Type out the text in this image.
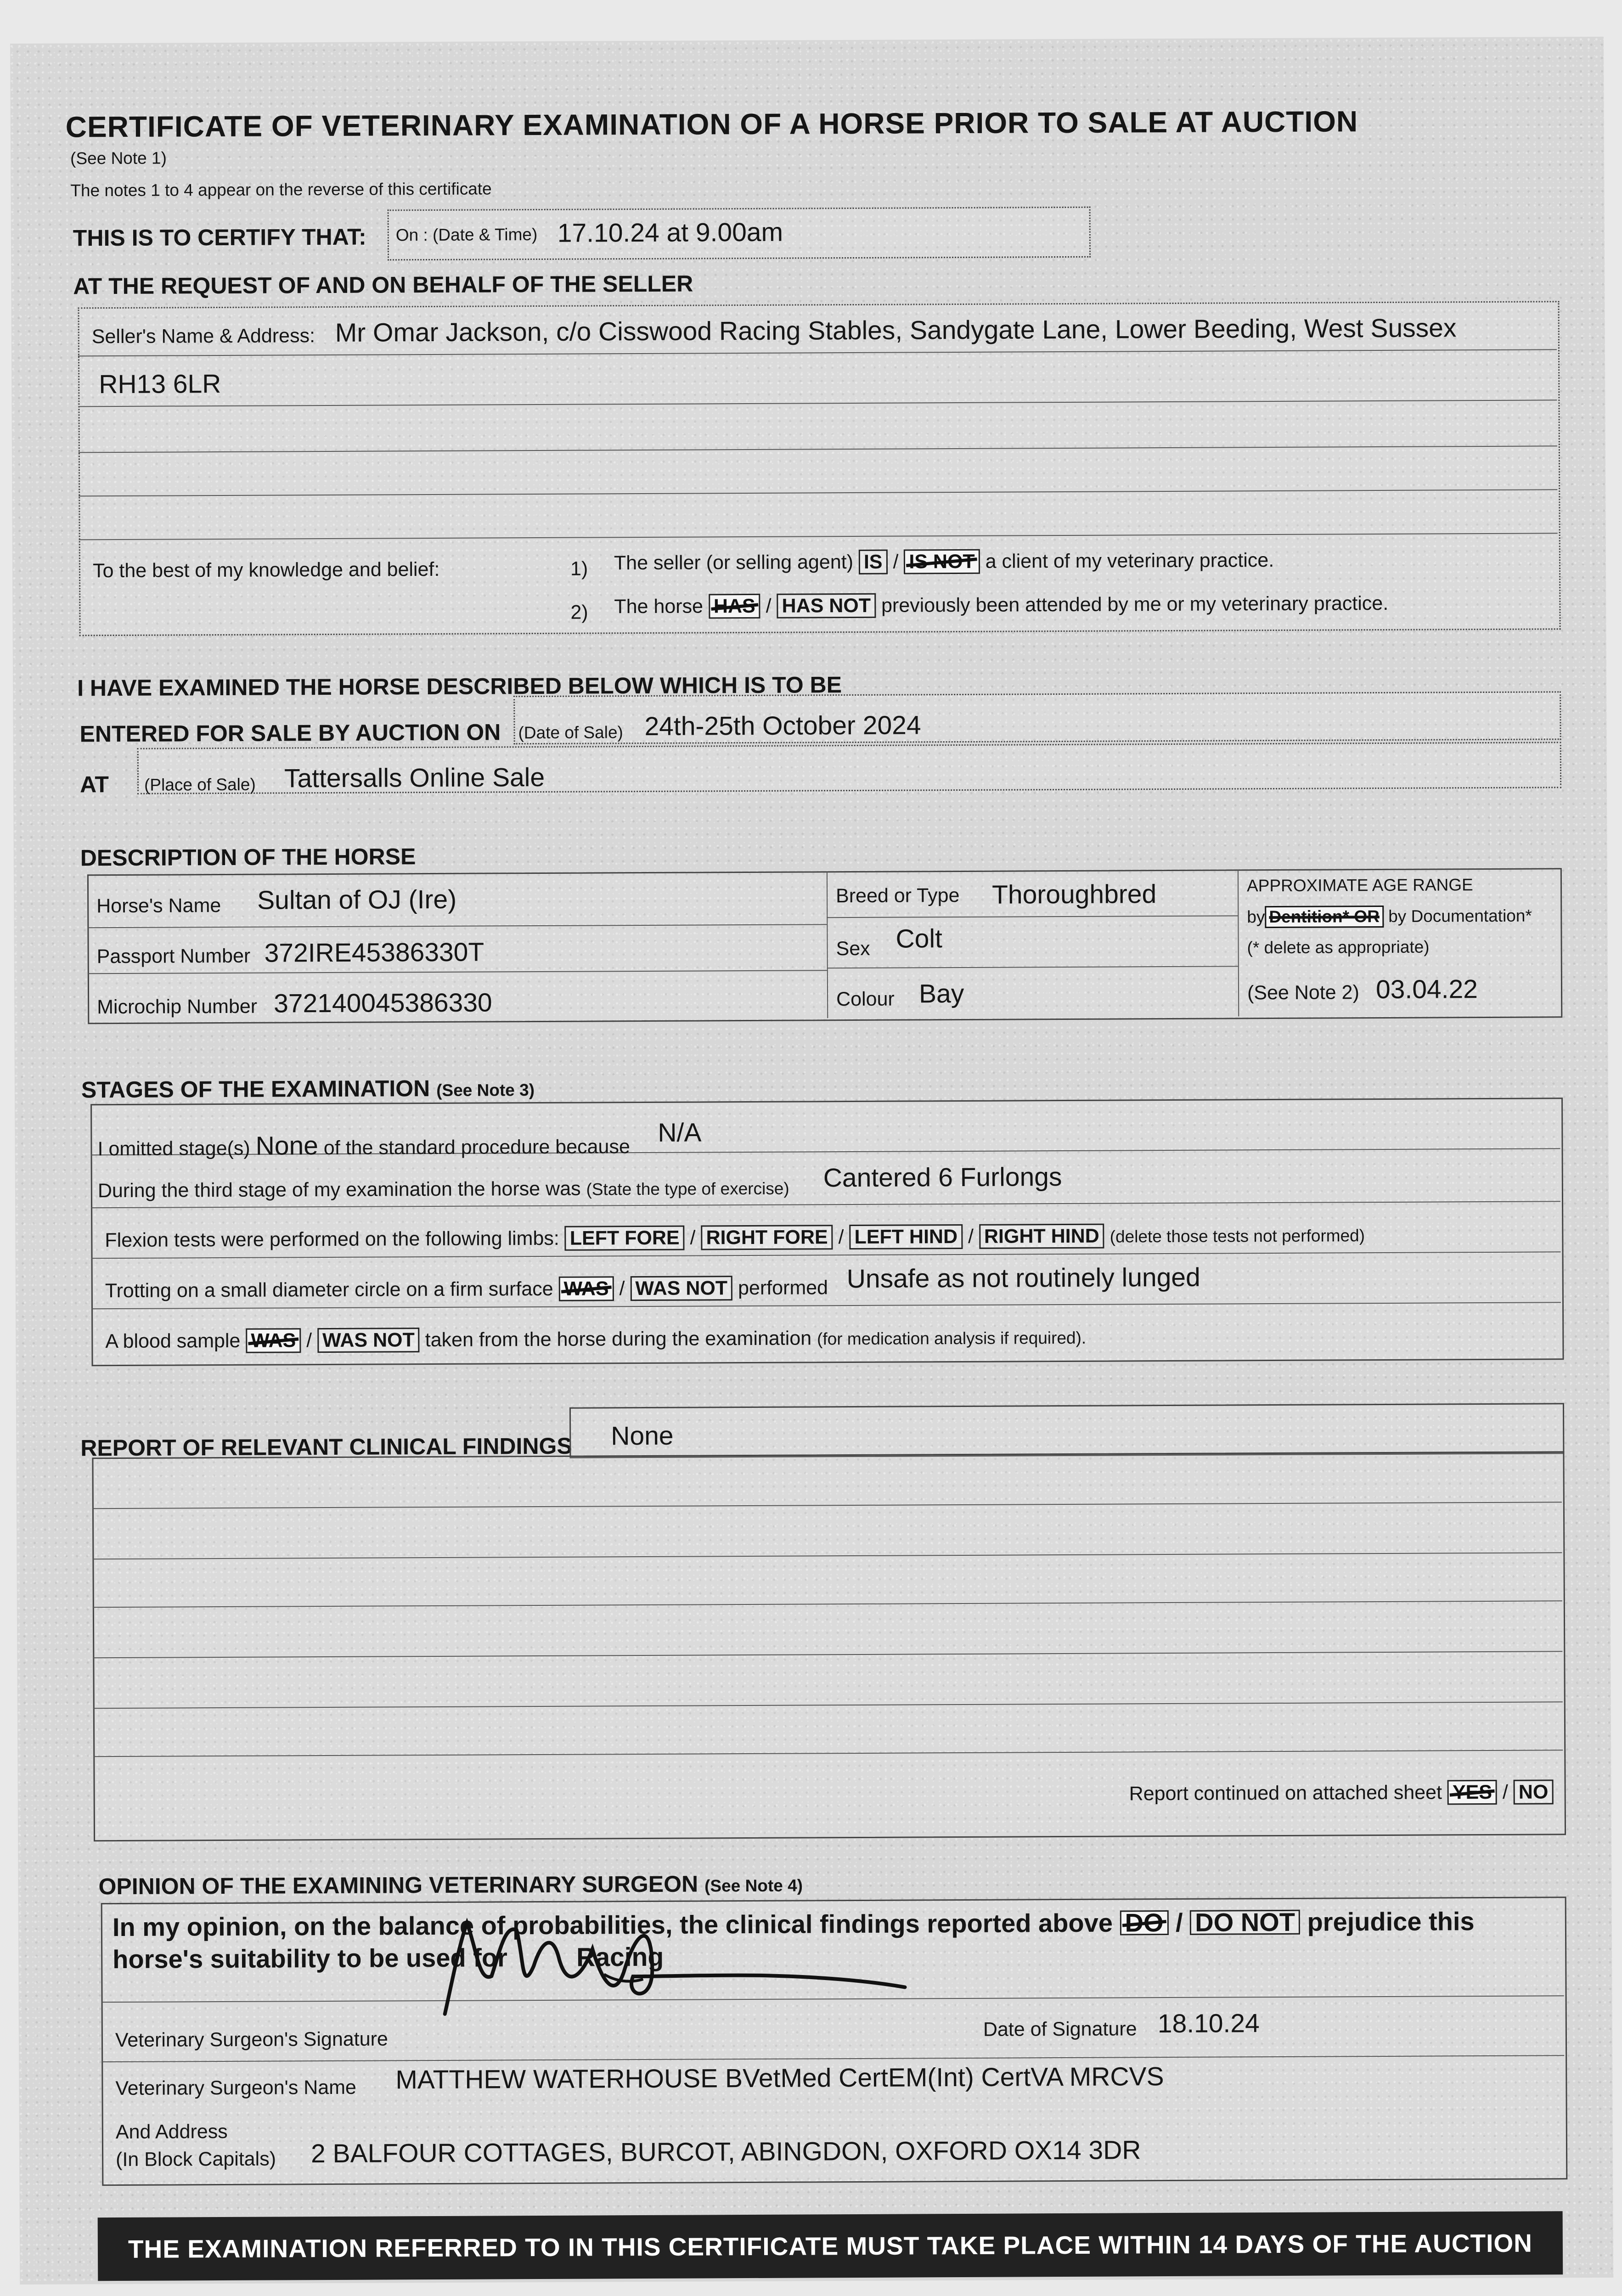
CERTIFICATE OF VETERINARY EXAMINATION OF A HORSE PRIOR TO SALE AT AUCTION
(See Note 1)
The notes 1 to 4 appear on the reverse of this certificate
THIS IS TO CERTIFY THAT: On : (Date & Time) 17.10.24 at 9.00am
AT THE REQUEST OF AND ON BEHALF OF THE SELLER
Seller's Name & Address: Mr Omar Jackson, c/o Cisswood Racing Stables, Sandygate Lane, Lower Beeding, West Sussex
RH13 6LR
To the best of my knowledge and belief:	1) The seller (or selling agent) IS / IS NOT a client of my veterinary practice.
2) The horse HAS / HAS NOT previously been attended by me or my veterinary practice.
I HAVE EXAMINED THE HORSE DESCRIBED BELOW WHICH IS TO BE
ENTERED FOR SALE BY AUCTION ON (Date of Sale) 24th-25th October 2024
AT (Place of Sale) Tattersalls Online Sale
DESCRIPTION OF THE HORSE
Horse's Name Sultan of OJ (Ire)
Passport Number 372IRE45386330T
Microchip Number 372140045386330
Breed or Type Thoroughbred
Sex Colt
Colour Bay
APPROXIMATE AGE RANGE
by Dentition* OR by Documentation*
(* delete as appropriate)
(See Note 2) 03.04.22
STAGES OF THE EXAMINATION (See Note 3)
I omitted stage(s) None of the standard procedure because N/A
During the third stage of my examination the horse was (State the type of exercise) Cantered 6 Furlongs
Flexion tests were performed on the following limbs: LEFT FORE / RIGHT FORE / LEFT HIND / RIGHT HIND (delete those tests not performed)
Trotting on a small diameter circle on a firm surface WAS / WAS NOT performed Unsafe as not routinely lunged
A blood sample WAS / WAS NOT taken from the horse during the examination (for medication analysis if required).
REPORT OF RELEVANT CLINICAL FINDINGS None
Report continued on attached sheet YES / NO
OPINION OF THE EXAMINING VETERINARY SURGEON (See Note 4)
In my opinion, on the balance of probabilities, the clinical findings reported above DO / DO NOT prejudice this
horse's suitability to be used for	Racing
Veterinary Surgeon's Signature	Date of Signature 18.10.24
Veterinary Surgeon's Name MATTHEW WATERHOUSE BVetMed CertEM(Int) CertVA MRCVS
And Address
(In Block Capitals) 2 BALFOUR COTTAGES, BURCOT, ABINGDON, OXFORD OX14 3DR
THE EXAMINATION REFERRED TO IN THIS CERTIFICATE MUST TAKE PLACE WITHIN 14 DAYS OF THE AUCTION
